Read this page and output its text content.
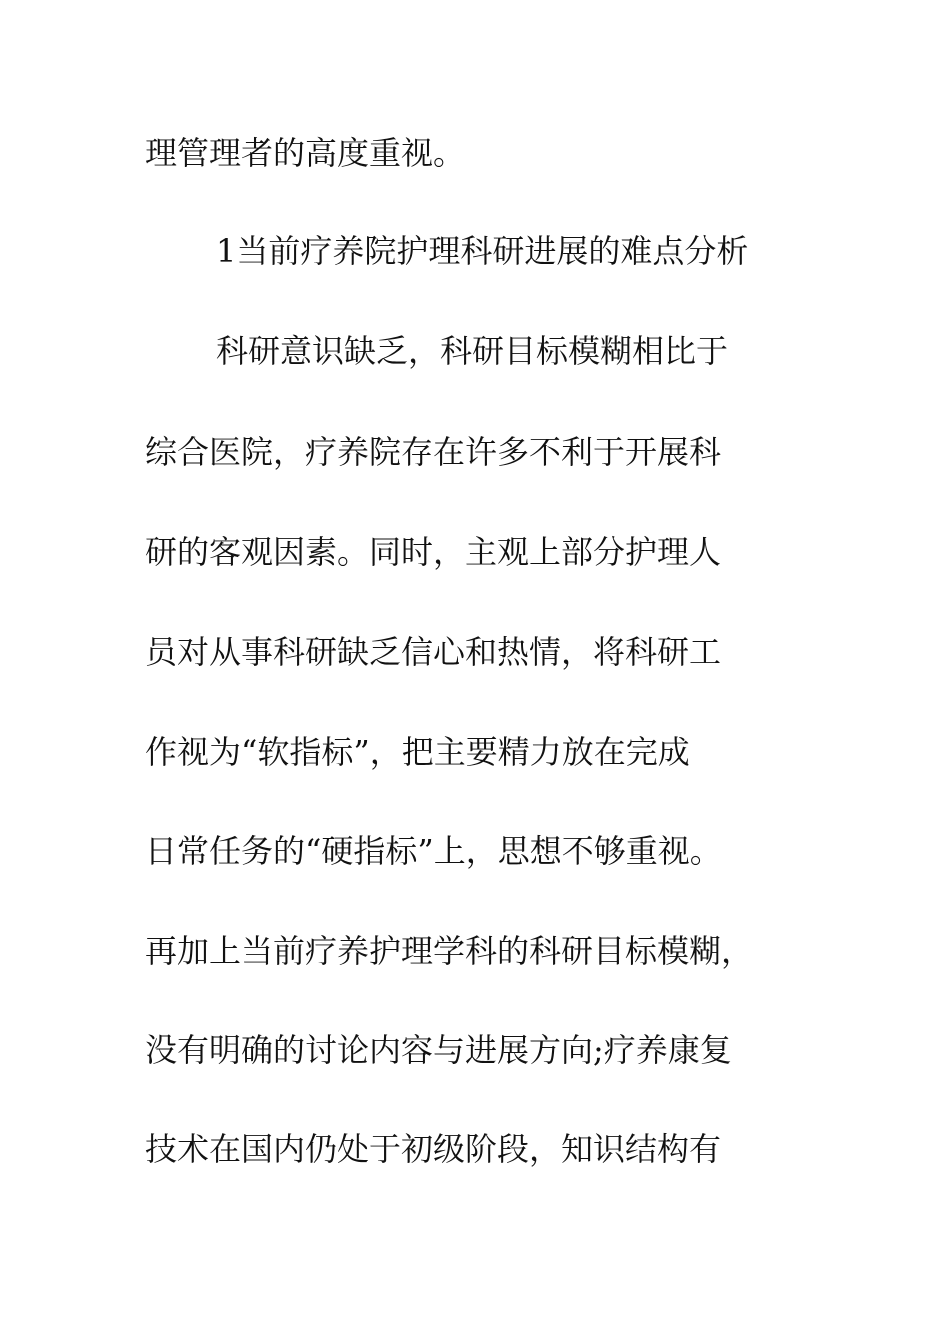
理管理者的高度重视。
1当前疗养院护理科研进展的难点分析
科研意识缺乏，科研目标模糊相比于
综合医院，疗养院存在许多不利于开展科
研的客观因素。同时，主观上部分护理人
员对从事科研缺乏信心和热情，将科研工
作视为“软指标”，把主要精力放在完成
日常任务的“硬指标”上，思想不够重视。
再加上当前疗养护理学科的科研目标模糊，
没有明确的讨论内容与进展方向;疗养康复
技术在国内仍处于初级阶段，知识结构有
